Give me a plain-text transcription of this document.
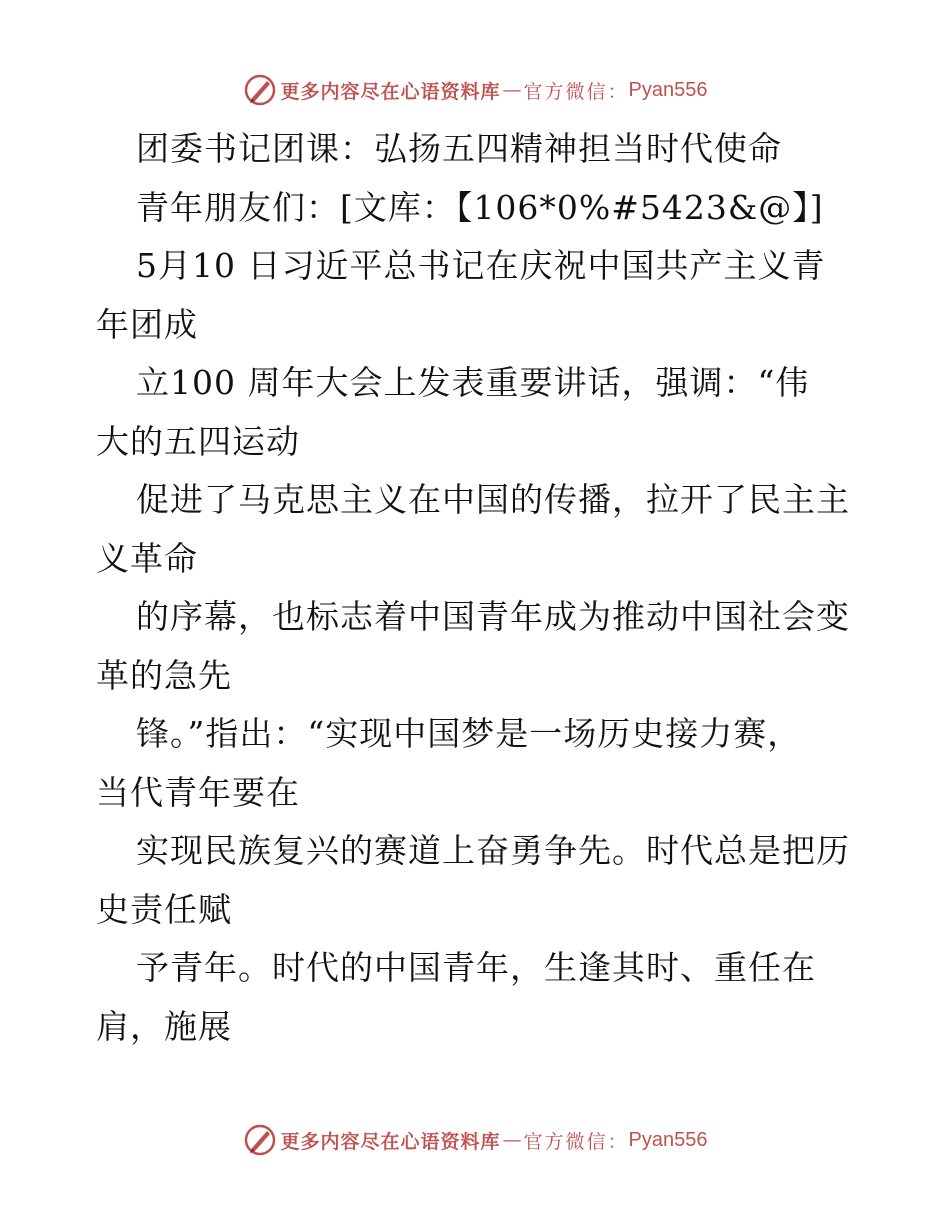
更多内容尽在心语资料库 — 官方微信： Pyan556
团委书记团课：弘扬五四精神担当时代使命
青年朋友们：[文库：【106*0%#5423&@】]
5月10 日习近平总书记在庆祝中国共产主义青
年团成
立100 周年大会上发表重要讲话，强调：“伟
大的五四运动
促进了马克思主义在中国的传播，拉开了民主主
义革命
的序幕，也标志着中国青年成为推动中国社会变
革的急先
锋。”指出：“实现中国梦是一场历史接力赛，
当代青年要在
实现民族复兴的赛道上奋勇争先。时代总是把历
史责任赋
予青年。时代的中国青年，生逢其时、重任在
肩，施展
更多内容尽在心语资料库 — 官方微信： Pyan556
